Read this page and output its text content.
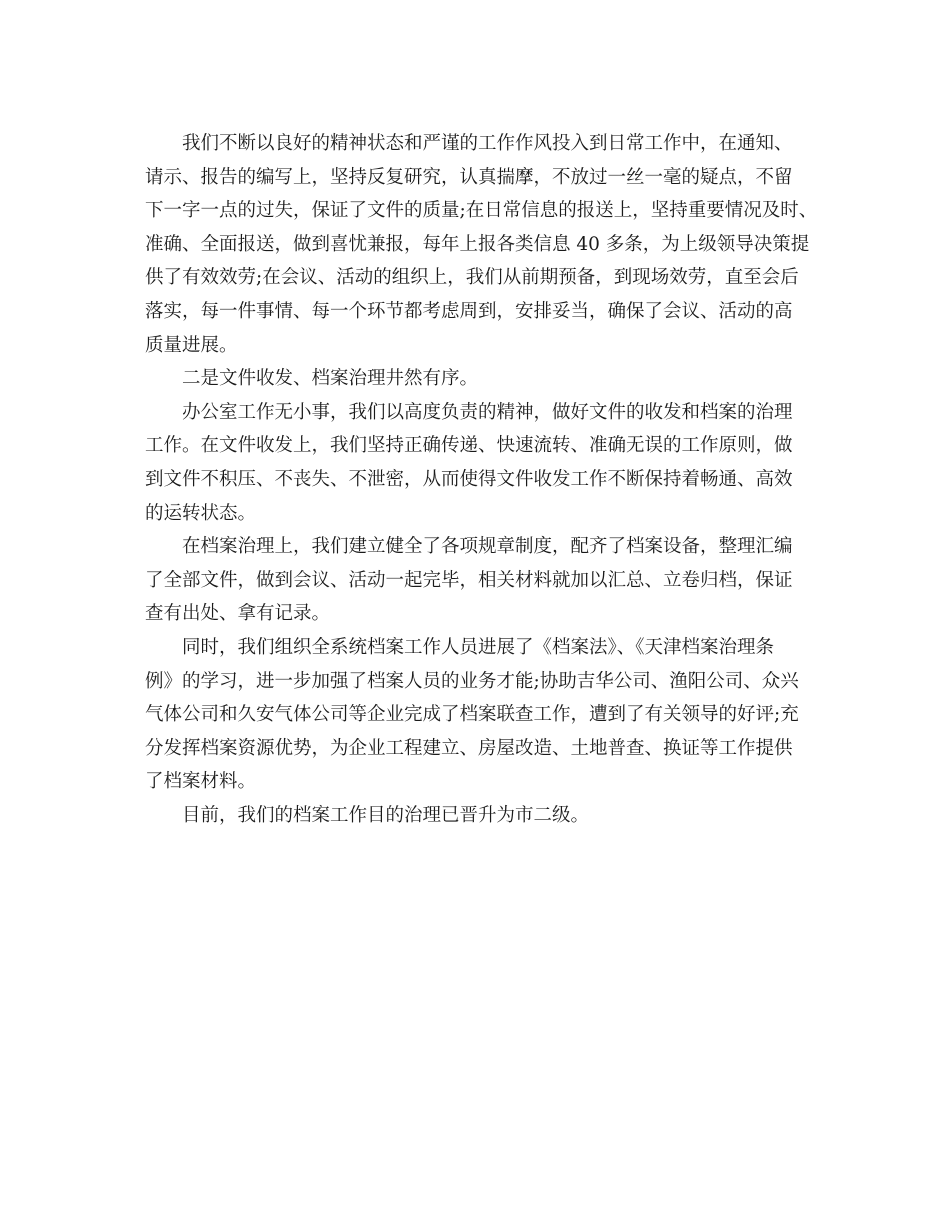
我们不断以良好的精神状态和严谨的工作作风投入到日常工作中，在通知、
请示、报告的编写上，坚持反复研究，认真揣摩，不放过一丝一毫的疑点，不留
下一字一点的过失，保证了文件的质量;在日常信息的报送上，坚持重要情况及时、
准确、全面报送，做到喜忧兼报，每年上报各类信息 40 多条，为上级领导决策提
供了有效效劳;在会议、活动的组织上，我们从前期预备，到现场效劳，直至会后
落实，每一件事情、每一个环节都考虑周到，安排妥当，确保了会议、活动的高
质量进展。
二是文件收发、档案治理井然有序。
办公室工作无小事，我们以高度负责的精神，做好文件的收发和档案的治理
工作。在文件收发上，我们坚持正确传递、快速流转、准确无误的工作原则，做
到文件不积压、不丧失、不泄密，从而使得文件收发工作不断保持着畅通、高效
的运转状态。
在档案治理上，我们建立健全了各项规章制度，配齐了档案设备，整理汇编
了全部文件，做到会议、活动一起完毕，相关材料就加以汇总、立卷归档，保证
查有出处、拿有记录。
同时，我们组织全系统档案工作人员进展了《档案法》、《天津档案治理条
例》的学习，进一步加强了档案人员的业务才能;协助吉华公司、渔阳公司、众兴
气体公司和久安气体公司等企业完成了档案联查工作，遭到了有关领导的好评;充
分发挥档案资源优势，为企业工程建立、房屋改造、土地普查、换证等工作提供
了档案材料。
目前，我们的档案工作目的治理已晋升为市二级。
